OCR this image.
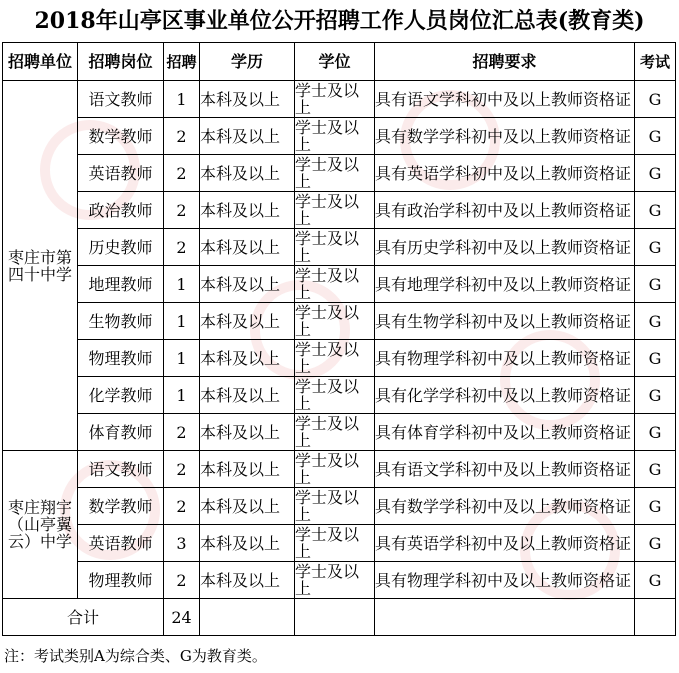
2018年山亭区事业单位公开招聘工作人员岗位汇总表(教育类)
招聘单位	招聘岗位	招聘	学历	学位	招聘要求	考试
枣庄市第四十中学	语文教师	1	本科及以上	学士及以上	具有语文学科初中及以上教师资格证	G
	数学教师	2	本科及以上	学士及以上	具有数学学科初中及以上教师资格证	G
	英语教师	2	本科及以上	学士及以上	具有英语学科初中及以上教师资格证	G
	政治教师	2	本科及以上	学士及以上	具有政治学科初中及以上教师资格证	G
	历史教师	2	本科及以上	学士及以上	具有历史学科初中及以上教师资格证	G
	地理教师	1	本科及以上	学士及以上	具有地理学科初中及以上教师资格证	G
	生物教师	1	本科及以上	学士及以上	具有生物学科初中及以上教师资格证	G
	物理教师	1	本科及以上	学士及以上	具有物理学科初中及以上教师资格证	G
	化学教师	1	本科及以上	学士及以上	具有化学学科初中及以上教师资格证	G
	体育教师	2	本科及以上	学士及以上	具有体育学科初中及以上教师资格证	G
枣庄翔宇（山亭翼云）中学	语文教师	2	本科及以上	学士及以上	具有语文学科初中及以上教师资格证	G
	数学教师	2	本科及以上	学士及以上	具有数学学科初中及以上教师资格证	G
	英语教师	3	本科及以上	学士及以上	具有英语学科初中及以上教师资格证	G
	物理教师	2	本科及以上	学士及以上	具有物理学科初中及以上教师资格证	G
合计		24				
注：考试类别A为综合类、G为教育类。
